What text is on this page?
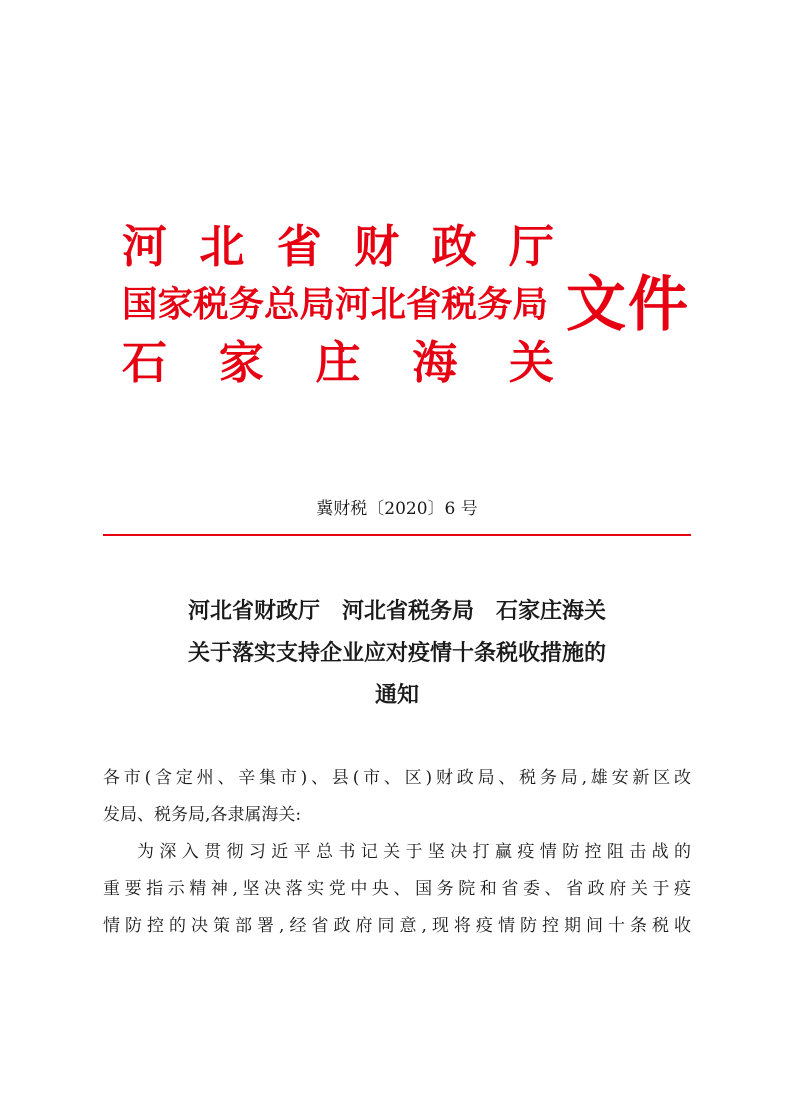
河 北 省 财 政 厅
国家税务总局河北省税务局
石 家 庄 海 关
文件
冀财税〔2020〕6 号
河北省财政厅　河北省税务局　石家庄海关
关于落实支持企业应对疫情十条税收措施的
通知

各市(含定州、辛集市)、县(市、区)财政局、税务局,雄安新区改
发局、税务局,各隶属海关:

为深入贯彻习近平总书记关于坚决打赢疫情防控阻击战的
重要指示精神,坚决落实党中央、国务院和省委、省政府关于疫
情防控的决策部署,经省政府同意,现将疫情防控期间十条税收
